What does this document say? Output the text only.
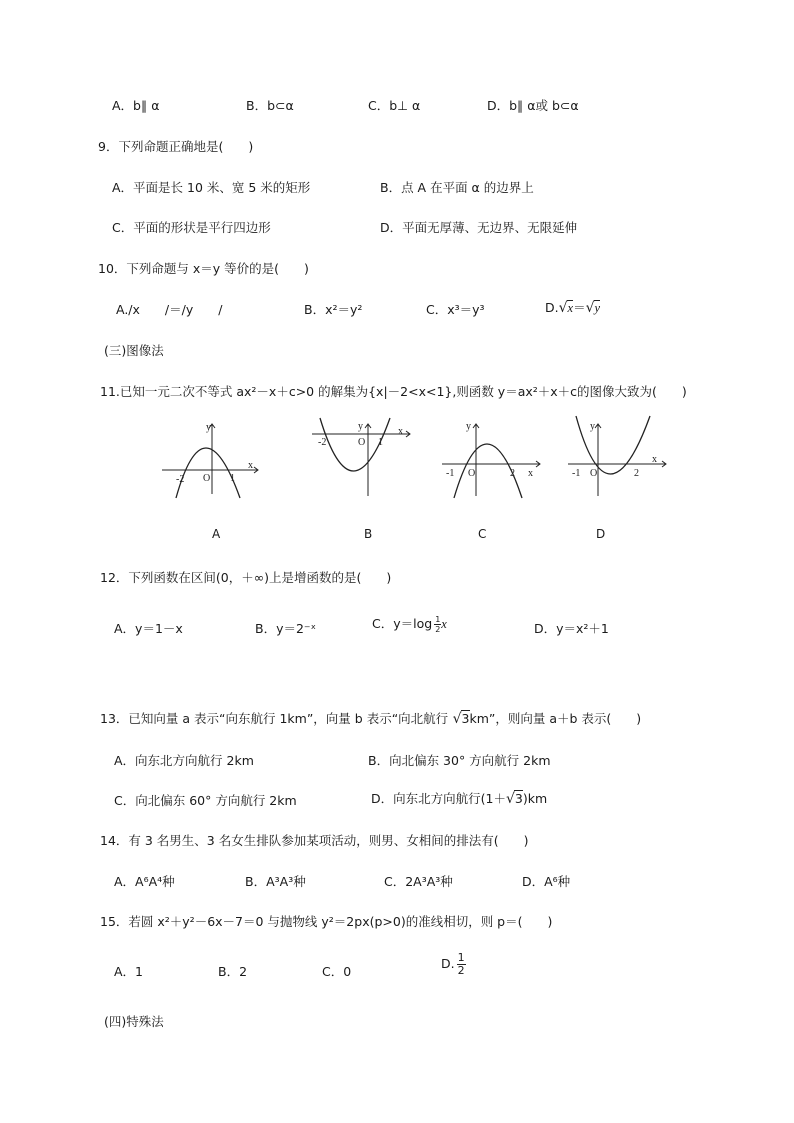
A．b∥ α	B．b⊂α	C．b⊥ α	D．b∥ α或 b⊂α
9．下列命题正确地是(　　)
A．平面是长 10 米、宽 5 米的矩形	B．点 A 在平面 α 的边界上
C．平面的形状是平行四边形	D．平面无厚薄、无边界、无限延伸
10．下列命题与 x＝y 等价的是(　　)
A./x　　/＝/y　　/	B．x²＝y²	C．x³＝y³	D.√x＝√y
(三)图像法
11.已知一元二次不等式 ax²－x＋c>0 的解集为{x|－2<x<1},则函数 y＝ax²＋x＋c的图像大致为(　　)
y
x
-2 O 1
y	x
-2	O 1
y
x
-1 O	2
y
x
-1 O	2
A	B	C	D
12．下列函数在区间(0，＋∞)上是增函数的是(　　)
A．y＝1－x	B．y＝2⁻ˣ	C．$y=\log \frac{1}{2}$ x	D．y＝x²＋1
13．已知向量 a 表示“向东航行 1km”，向量 b 表示“向北航行 √3km”，则向量 a＋b 表示(　　)
A．向东北方向航行 2km	B．向北偏东 30° 方向航行 2km
C．向北偏东 60° 方向航行 2km	D．向东北方向航行(1＋√3)km
14．有 3 名男生、3 名女生排队参加某项活动，则男、女相间的排法有(　　)
A．A⁶A⁴种	B．A³A³种	C．2A³A³种	D．A⁶种
15．若圆 x²＋y²－6x－7＝0 与抛物线 y²＝2px(p>0)的准线相切，则 p＝(　　)
A．1	B．2	C．0
D. $\frac{1}{2}$
(四)特殊法
